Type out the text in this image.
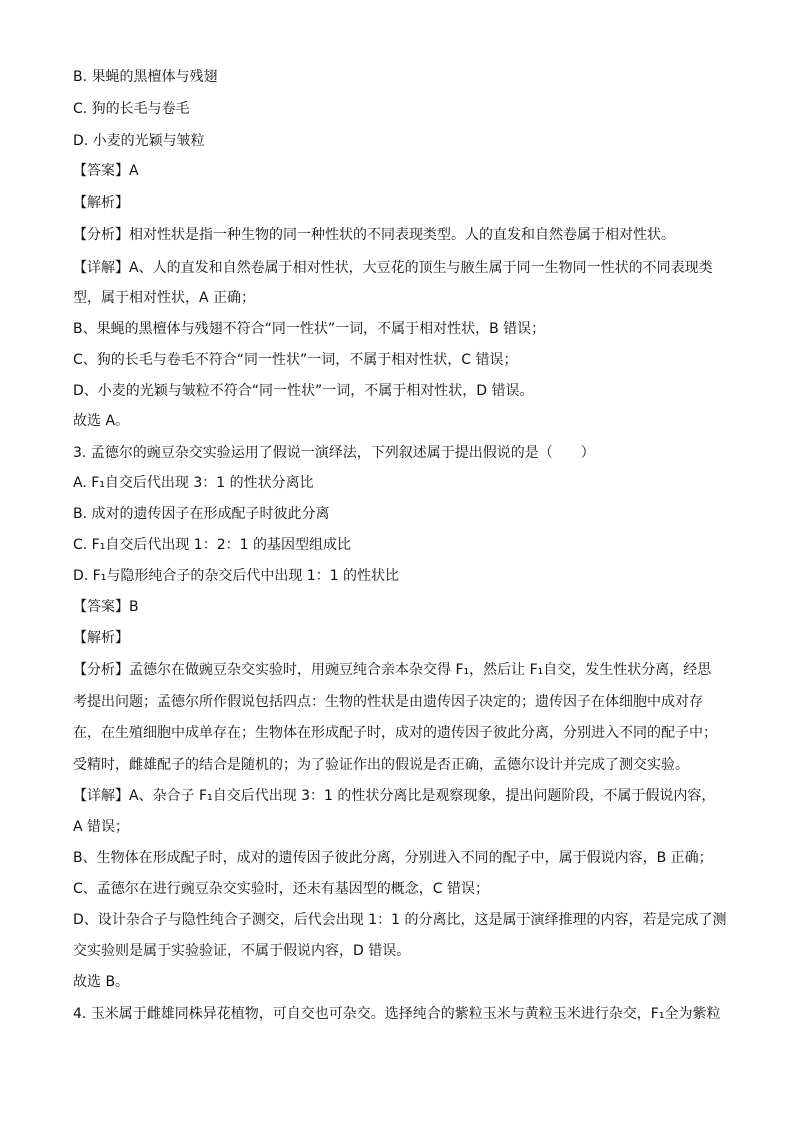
B. 果蝇的黑檀体与残翅
C. 狗的长毛与卷毛
D. 小麦的光颖与皱粒
【答案】A
【解析】
【分析】相对性状是指一种生物的同一种性状的不同表现类型。人的直发和自然卷属于相对性状。
【详解】A、人的直发和自然卷属于相对性状，大豆花的顶生与腋生属于同一生物同一性状的不同表现类
型，属于相对性状，A 正确；
B、果蝇的黑檀体与残翅不符合“同一性状”一词，不属于相对性状，B 错误；
C、狗的长毛与卷毛不符合“同一性状”一词，不属于相对性状，C 错误；
D、小麦的光颖与皱粒不符合“同一性状”一词，不属于相对性状，D 错误。
故选 A。
3. 孟德尔的豌豆杂交实验运用了假说一演绎法，下列叙述属于提出假说的是（　　）
A. F₁自交后代出现 3：1 的性状分离比
B. 成对的遗传因子在形成配子时彼此分离
C. F₁自交后代出现 1：2：1 的基因型组成比
D. F₁与隐形纯合子的杂交后代中出现 1：1 的性状比
【答案】B
【解析】
【分析】孟德尔在做豌豆杂交实验时，用豌豆纯合亲本杂交得 F₁，然后让 F₁自交，发生性状分离，经思
考提出问题；孟德尔所作假说包括四点：生物的性状是由遗传因子决定的；遗传因子在体细胞中成对存
在，在生殖细胞中成单存在；生物体在形成配子时，成对的遗传因子彼此分离，分别进入不同的配子中；
受精时，雌雄配子的结合是随机的；为了验证作出的假说是否正确，孟德尔设计并完成了测交实验。
【详解】A、杂合子 F₁自交后代出现 3：1 的性状分离比是观察现象，提出问题阶段，不属于假说内容，
A 错误；
B、生物体在形成配子时，成对的遗传因子彼此分离，分别进入不同的配子中，属于假说内容，B 正确；
C、孟德尔在进行豌豆杂交实验时，还未有基因型的概念，C 错误；
D、设计杂合子与隐性纯合子测交，后代会出现 1：1 的分离比，这是属于演绎推理的内容，若是完成了测
交实验则是属于实验验证，不属于假说内容，D 错误。
故选 B。
4. 玉米属于雌雄同株异花植物，可自交也可杂交。选择纯合的紫粒玉米与黄粒玉米进行杂交，F₁全为紫粒
